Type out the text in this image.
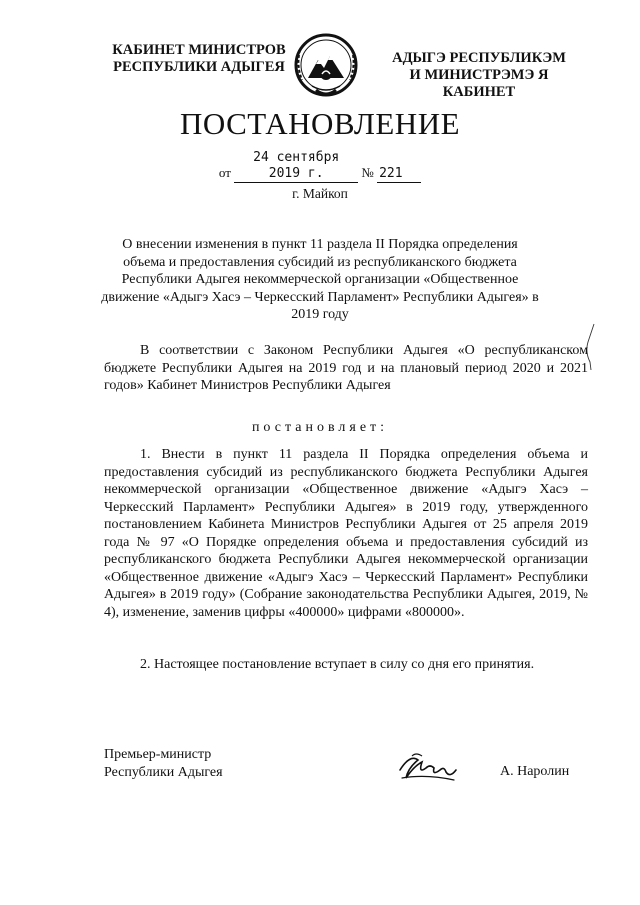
КАБИНЕТ МИНИСТРОВ
РЕСПУБЛИКИ АДЫГЕЯ
АДЫГЭ РЕСПУБЛИКЭМ
И МИНИСТРЭМЭ Я КАБИНЕТ
ПОСТАНОВЛЕНИЕ
от 24 сентября 2019 г.	№ 221
г. Майкоп
О внесении изменения в пункт 11 раздела II Порядка определения объема и предоставления субсидий из республиканского бюджета Республики Адыгея некоммерческой организации «Общественное движение «Адыгэ Хасэ – Черкесский Парламент» Республики Адыгея» в 2019 году
В соответствии с Законом Республики Адыгея «О республиканском бюджете Республики Адыгея на 2019 год и на плановый период 2020 и 2021 годов» Кабинет Министров Республики Адыгея
постановляет:
1. Внести в пункт 11 раздела II Порядка определения объема и предоставления субсидий из республиканского бюджета Республики Адыгея некоммерческой организации «Общественное движение «Адыгэ Хасэ – Черкесский Парламент» Республики Адыгея» в 2019 году, утвержденного постановлением Кабинета Министров Республики Адыгея от 25 апреля 2019 года № 97 «О Порядке определения объема и предоставления субсидий из республиканского бюджета Республики Адыгея некоммерческой организации «Общественное движение «Адыгэ Хасэ – Черкесский Парламент» Республики Адыгея» в 2019 году» (Собрание законодательства Республики Адыгея, 2019, № 4), изменение, заменив цифры «400000» цифрами «800000».
2. Настоящее постановление вступает в силу со дня его принятия.
Премьер-министр
Республики Адыгея	А. Наролин
